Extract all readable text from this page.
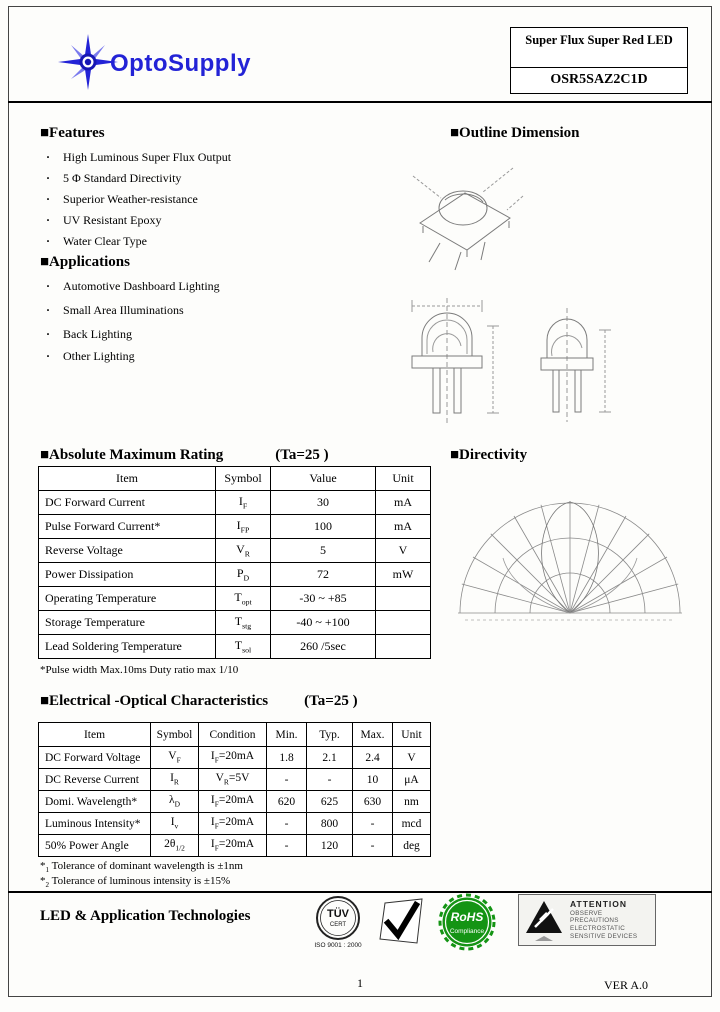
OptoSupply
Super Flux Super Red LED
OSR5SAZ2C1D
■Features
· High Luminous Super Flux Output
· 5 Φ Standard Directivity
· Superior Weather-resistance
· UV Resistant Epoxy
· Water Clear Type
■Applications
· Automotive Dashboard Lighting
· Small Area Illuminations
· Back Lighting
· Other Lighting
■Outline Dimension
■Absolute Maximum Rating	(Ta=25 )
Item	Symbol	Value	Unit
DC Forward Current	$I_F$	30	mA
Pulse Forward Current*	$I_{FP}$	100	mA
Reverse Voltage	$V_R$	5	V
Power Dissipation	$P_D$	72	mW
Operating Temperature	$T_{opt}$	-30 ~ +85	
Storage Temperature	$T_{stg}$	-40 ~ +100	
Lead Soldering Temperature	$T_{sol}$	260 /5sec	
*Pulse width Max.10ms Duty ratio max 1/10
■Directivity
■Electrical -Optical Characteristics (Ta=25 )
Item	Symbol	Condition	Min.	Typ.	Max.	Unit
DC Forward Voltage	$V_F$	$I_F=20mA$	1.8	2.1	2.4	V
DC Reverse Current	$I_R$	$V_R=5V$	-	-	10	μA
Domi. Wavelength*	$\lambda_D$	$I_F=20mA$	620	625	630	nm
Luminous Intensity*	$I_v$	$I_F=20mA$	-	800	-	mcd
50% Power Angle	$2\theta_{1/2}$	$I_F=20mA$	-	120	-	deg
$*_1$ Tolerance of dominant wavelength is ±1nm
$*_2$ Tolerance of luminous intensity is ±15%
LED & Application Technologies	TÜV
CERT
ISO 9001 : 2000
RoHS
Compliance
ATTENTION
OBSERVE PRECAUTIONS
ELECTROSTATIC
SENSITIVE DEVICES
1	VER A.0
